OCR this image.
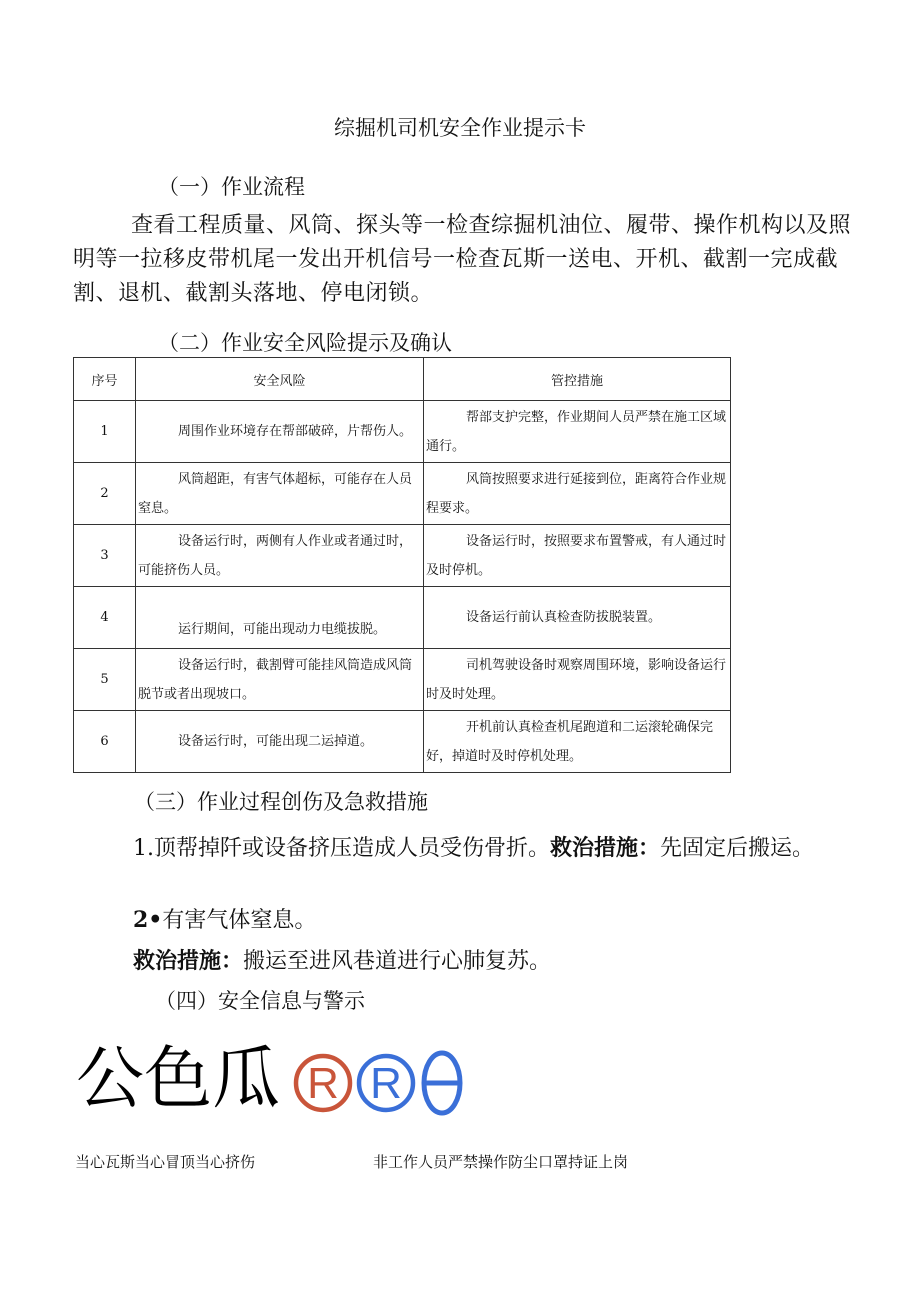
综掘机司机安全作业提示卡
（一）作业流程
查看工程质量、风筒、探头等一检查综掘机油位、履带、操作机构以及照明等一拉移皮带机尾一发出开机信号一检查瓦斯一送电、开机、截割一完成截割、退机、截割头落地、停电闭锁。
（二）作业安全风险提示及确认
序号	安全风险	管控措施
1	周围作业环境存在帮部破碎，片帮伤人。	帮部支护完整，作业期间人员严禁在施工区域通行。

2	风筒超距，有害气体超标，可能存在人员窒息。	风筒按照要求进行延接到位，距离符合作业规程要求。

3	设备运行时，两侧有人作业或者通过时，可能挤伤人员。	设备运行时，按照要求布置警戒，有人通过时及时停机。

4	运行期间，可能出现动力电缆拔脱。	设备运行前认真检查防拔脱装置。

5	设备运行时，截割臂可能挂风筒造成风筒脱节或者出现坡口。	司机驾驶设备时观察周围环境，影响设备运行时及时处理。

6	设备运行时，可能出现二运掉道。	开机前认真检查机尾跑道和二运滚轮确保完好，掉道时及时停机处理。
（三）作业过程创伤及急救措施
1.顶帮掉阡或设备挤压造成人员受伤骨折。救治措施：先固定后搬运。
2•有害气体窒息。
救治措施：搬运至进风巷道进行心肺复苏。
（四）安全信息与警示
公 色 瓜 R R
当心瓦斯当心冒顶当心挤伤	非工作人员严禁操作防尘口罩持证上岗
